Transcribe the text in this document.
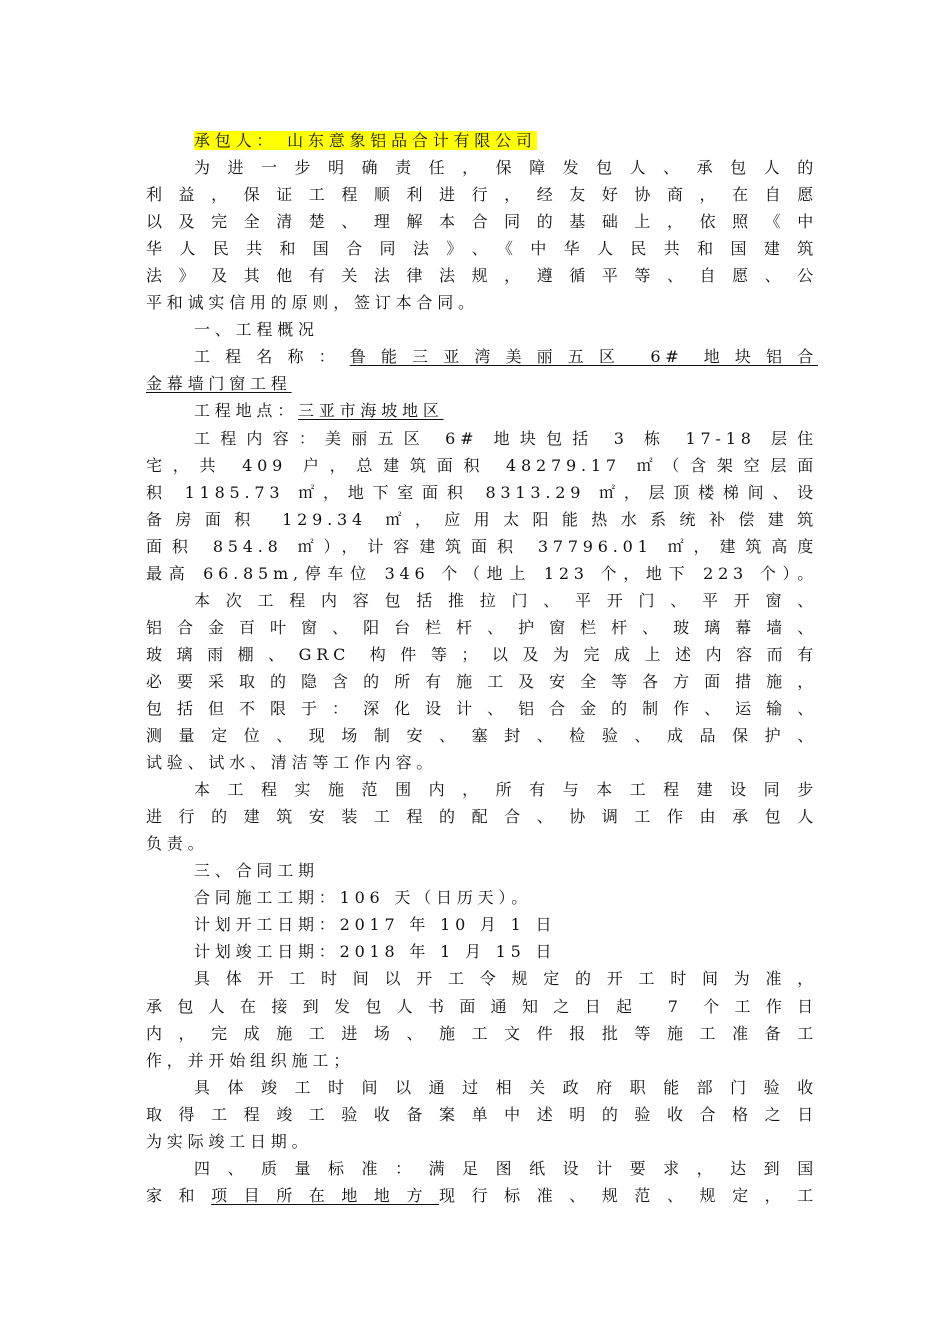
承包人： 山东意象铝品合计有限公司
为进一步明确责任，保障发包人、承包人的
利益，保证工程顺利进行，经友好协商，在自愿
以及完全清楚、理解本合同的基础上，依照《中
华人民共和国合同法》、《中华人民共和国建筑
法》及其他有关法律法规，遵循平等、自愿、公
平和诚实信用的原则，签订本合同。
一、工程概况
工程名称：鲁能三亚湾美丽五区 6# 地块铝合
金幕墙门窗工程
工程地点：三亚市海坡地区
工程内容：美丽五区 6# 地块包括 3 栋 17-18 层住
宅，共 409 户，总建筑面积 48279.17 ㎡（含架空层面
积 1185.73 ㎡，地下室面积 8313.29 ㎡，层顶楼梯间、设
备房面积 129.34 ㎡，应用太阳能热水系统补偿建筑
面积 854.8 ㎡），计容建筑面积 37796.01 ㎡，建筑高度
最高 66.85m,停车位 346 个（地上 123 个，地下 223 个）。
本次工程内容包括推拉门、平开门、平开窗、
铝合金百叶窗、阳台栏杆、护窗栏杆、玻璃幕墙、
玻璃雨棚、GRC 构件等；以及为完成上述内容而有
必要采取的隐含的所有施工及安全等各方面措施，
包括但不限于：深化设计、铝合金的制作、运输、
测量定位、现场制安、塞封、检验、成品保护、
试验、试水、清洁等工作内容。
本工程实施范围内，所有与本工程建设同步
进行的建筑安装工程的配合、协调工作由承包人
负责。
三、合同工期
合同施工工期：106 天（日历天）。
计划开工日期：2017 年 10 月 1 日
计划竣工日期：2018 年 1 月 15 日
具体开工时间以开工令规定的开工时间为准，
承包人在接到发包人书面通知之日起 7 个工作日
内，完成施工进场、施工文件报批等施工准备工
作，并开始组织施工；
具体竣工时间以通过相关政府职能部门验收
取得工程竣工验收备案单中述明的验收合格之日
为实际竣工日期。
四、质量标准：满足图纸设计要求，达到国
家和项目所在地地方现行标准、规范、规定，工
